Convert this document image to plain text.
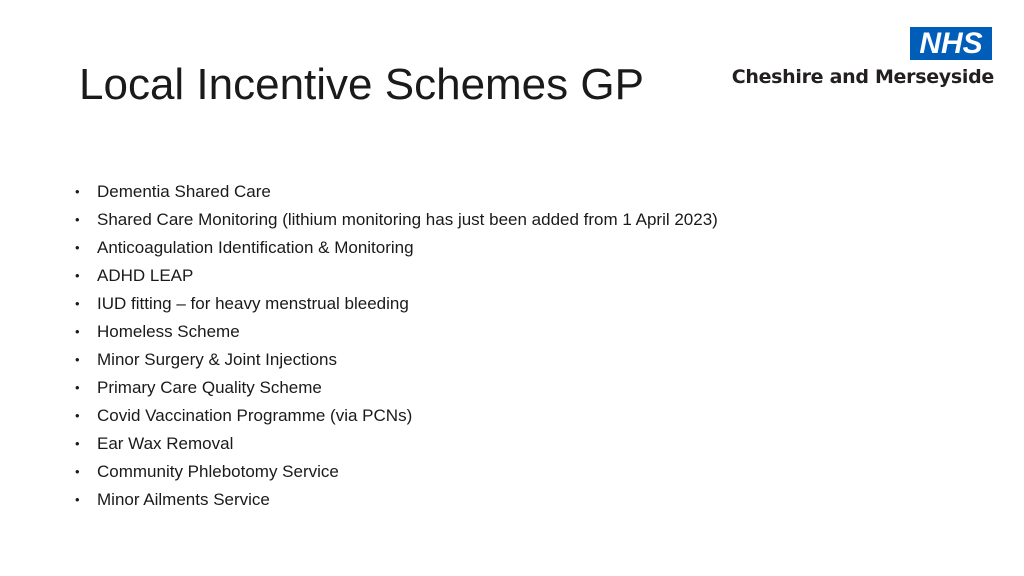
Local Incentive Schemes GP
NHS
Cheshire and Merseyside
• Dementia Shared Care
• Shared Care Monitoring (lithium monitoring has just been added from 1 April 2023)
• Anticoagulation Identification & Monitoring
• ADHD LEAP
• IUD fitting – for heavy menstrual bleeding
• Homeless Scheme
• Minor Surgery & Joint Injections
• Primary Care Quality Scheme
• Covid Vaccination Programme (via PCNs)
• Ear Wax Removal
• Community Phlebotomy Service
• Minor Ailments Service
